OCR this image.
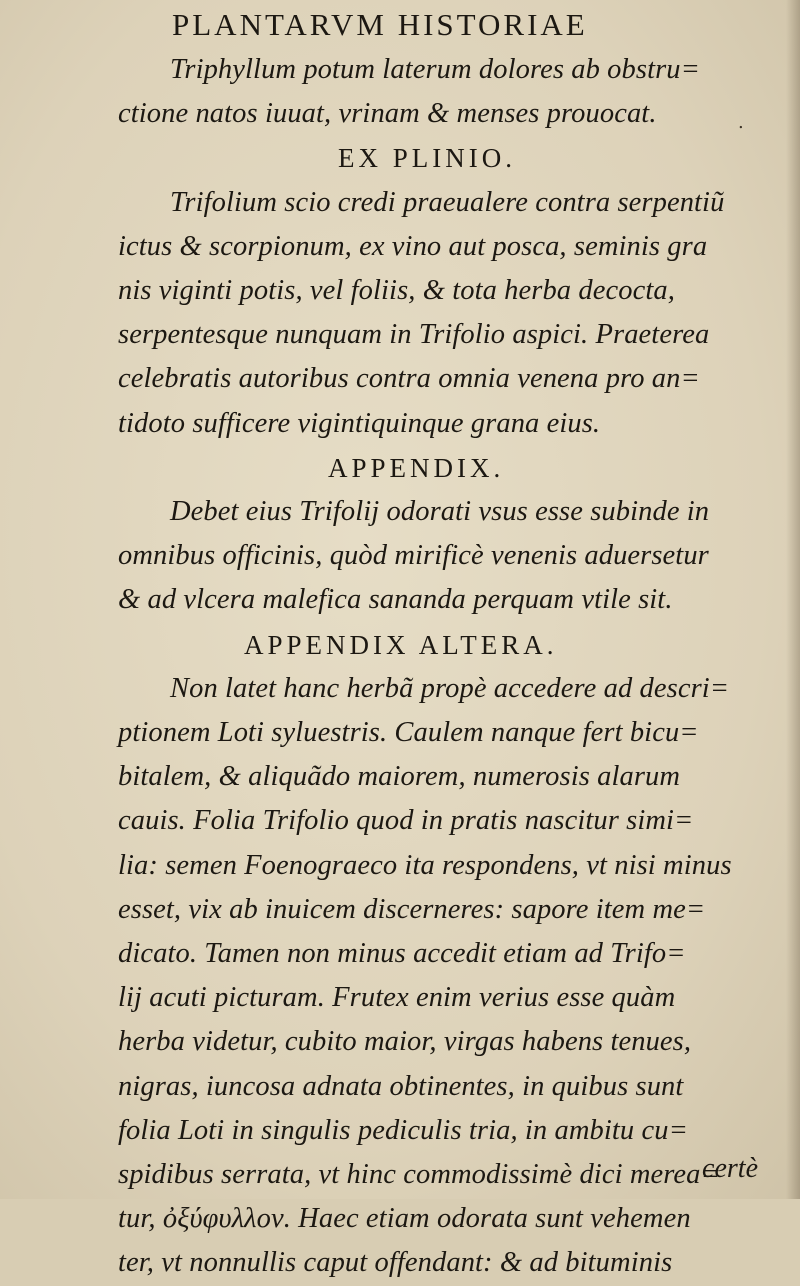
PLANTARVM HISTORIAE
Triphyllum potum laterum dolores ab obstru=
ctione natos iuuat, vrinam & menses prouocat.
EX PLINIO.
Trifolium scio credi praeualere contra serpentiũ
ictus & scorpionum, ex vino aut posca, seminis gra
nis viginti potis, vel foliis, & tota herba decocta,
serpentesque nunquam in Trifolio aspici. Praeterea
celebratis autoribus contra omnia venena pro an=
tidoto sufficere vigintiquinque grana eius.
APPENDIX.
Debet eius Trifolij odorati vsus esse subinde in
omnibus officinis, quòd mirificè venenis aduersetur
& ad vlcera malefica sananda perquam vtile sit.
APPENDIX ALTERA.
Non latet hanc herbã propè accedere ad descri=
ptionem Loti syluestris. Caulem nanque fert bicu=
bitalem, & aliquãdo maiorem, numerosis alarum
cauis. Folia Trifolio quod in pratis nascitur simi=
lia: semen Foenograeco ita respondens, vt nisi minus
esset, vix ab inuicem discerneres: sapore item me=
dicato. Tamen non minus accedit etiam ad Trifo=
lij acuti picturam. Frutex enim verius esse quàm
herba videtur, cubito maior, virgas habens tenues,
nigras, iuncosa adnata obtinentes, in quibus sunt
folia Loti in singulis pediculis tria, in ambitu cu=
spidibus serrata, vt hinc commodissimè dici merea=
tur, ὀξύφυλλον. Haec etiam odorata sunt vehemen
ter, vt nonnullis caput offendant: & ad bituminis
.
certè
